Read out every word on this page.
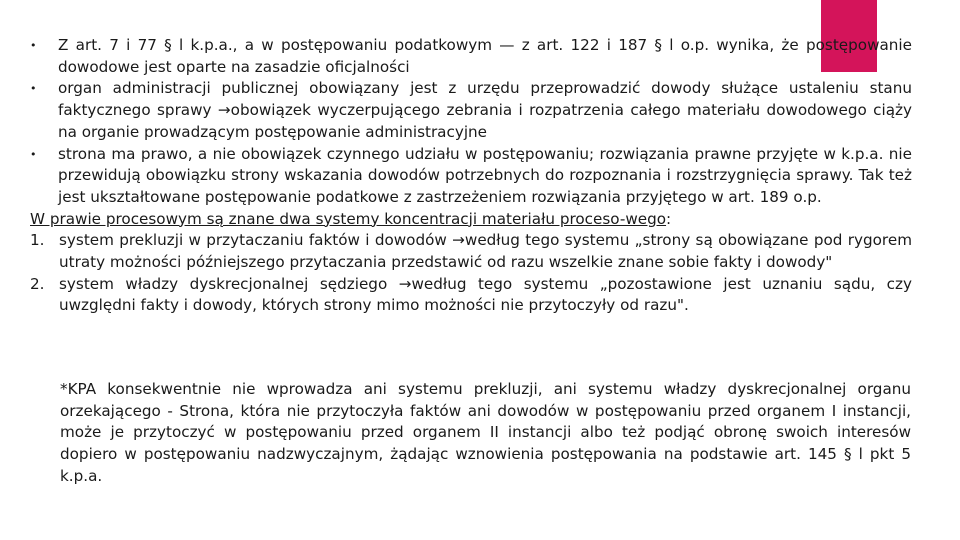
• Z art. 7 i 77 § l k.p.a., a w postępowaniu podatkowym — z art. 122 i 187 § l o.p. wynika, że postępowanie dowodowe jest oparte na zasadzie oficjalności
• organ administracji publicznej obowiązany jest z urzędu przeprowadzić dowody służące ustaleniu stanu faktycznego sprawy →obowiązek wyczerpującego zebrania i rozpatrzenia całego materiału dowodowego ciąży na organie prowadzącym postępowanie administracyjne
• strona ma prawo, a nie obowiązek czynnego udziału w postępowaniu; rozwiązania prawne przyjęte w k.p.a. nie przewidują obowiązku strony wskazania dowodów potrzebnych do rozpoznania i rozstrzygnięcia sprawy. Tak też jest ukształtowane postępowanie podatkowe z zastrzeżeniem rozwiązania przyjętego w art. 189 o.p.
W prawie procesowym są znane dwa systemy koncentracji materiału proceso-wego:
1. system prekluzji w przytaczaniu faktów i dowodów →według tego systemu „strony są obowiązane pod rygorem utraty możności późniejszego przytaczania przedstawić od razu wszelkie znane sobie fakty i dowody"
2. system władzy dyskrecjonalnej sędziego →według tego systemu „pozostawione jest uznaniu sądu, czy uwzględni fakty i dowody, których strony mimo możności nie przytoczyły od razu".
*KPA konsekwentnie nie wprowadza ani systemu prekluzji, ani systemu władzy dyskrecjonalnej organu orzekającego - Strona, która nie przytoczyła faktów ani dowodów w postępowaniu przed organem I instancji, może je przytoczyć w postępowaniu przed organem II instancji albo też podjąć obronę swoich interesów dopiero w postępowaniu nadzwyczajnym, żądając wznowienia postępowania na podstawie art. 145 § l pkt 5 k.p.a.
